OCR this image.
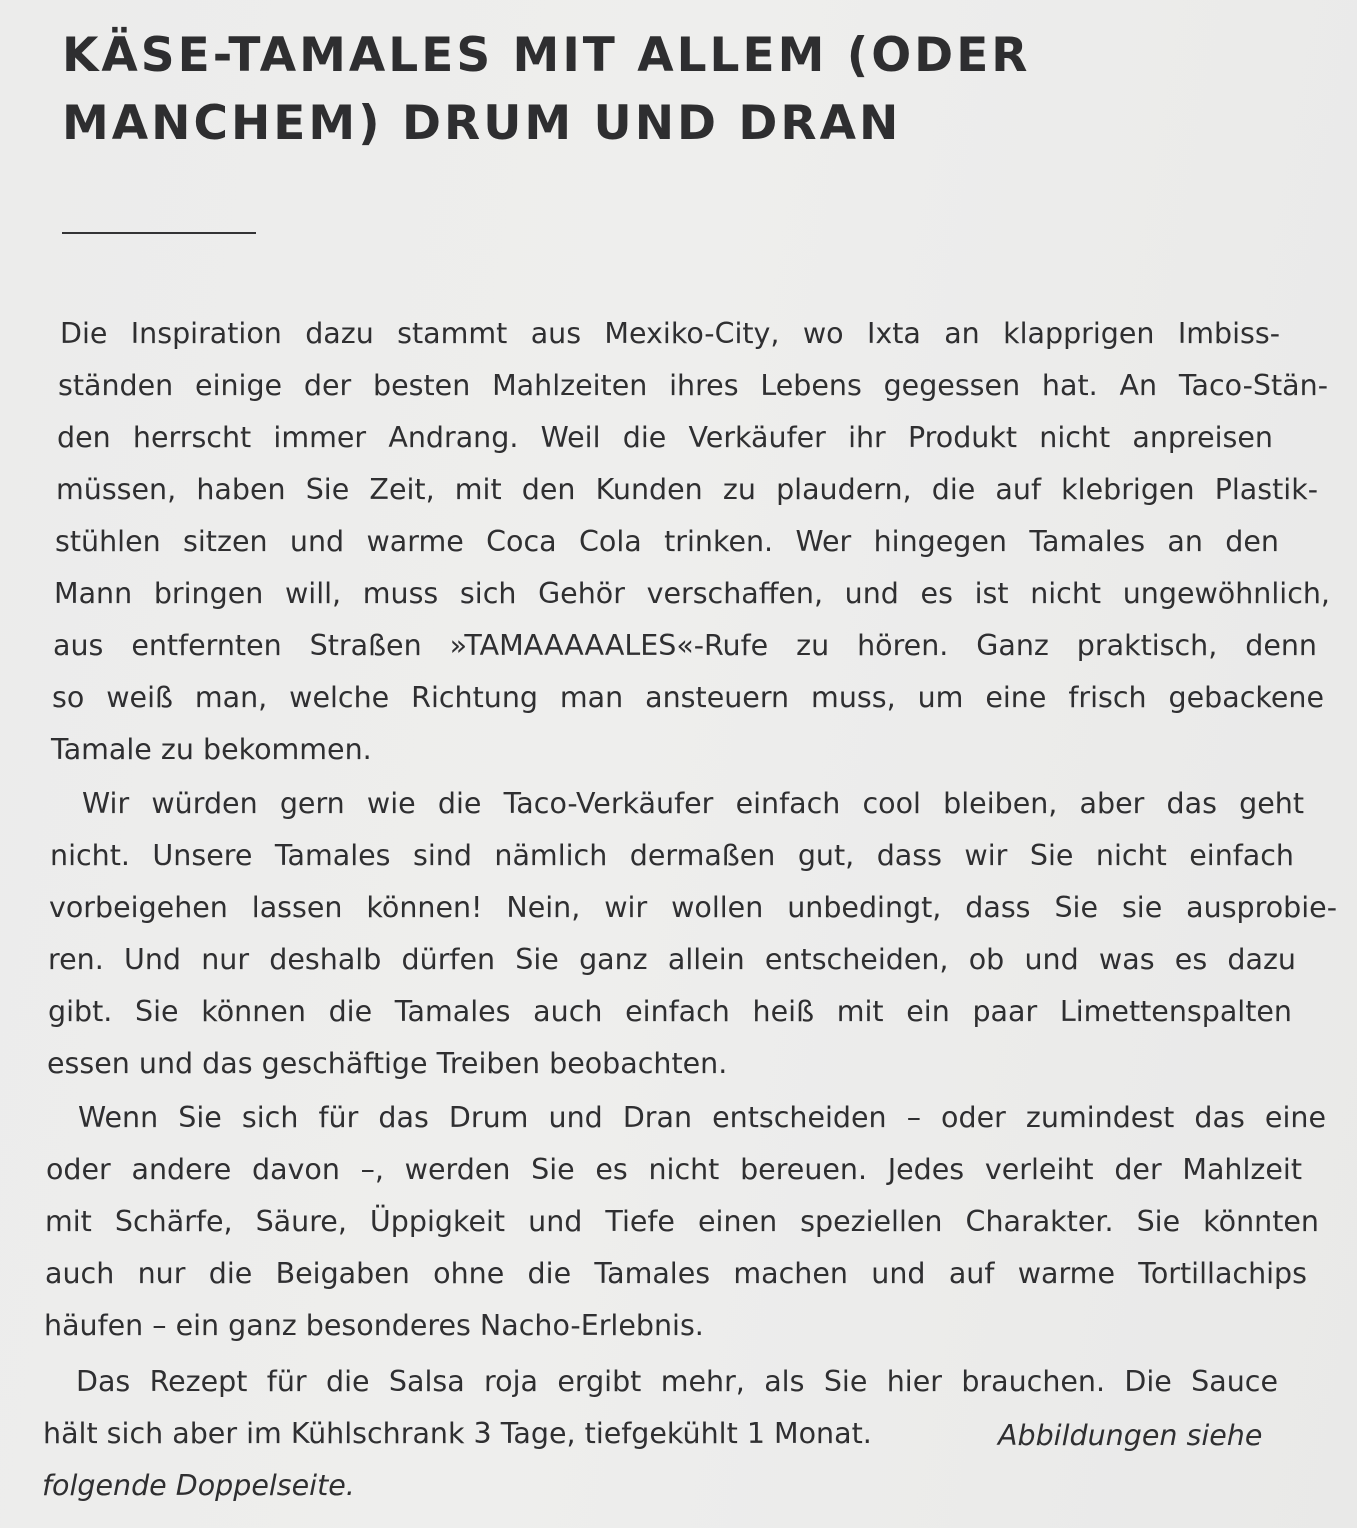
KÄSE-TAMALES MIT ALLEM (ODER
MANCHEM) DRUM UND DRAN
Die Inspiration dazu stammt aus Mexiko-City, wo Ixta an klapprigen Imbiss-
ständen einige der besten Mahlzeiten ihres Lebens gegessen hat. An Taco-Stän-
den herrscht immer Andrang. Weil die Verkäufer ihr Produkt nicht anpreisen
müssen, haben Sie Zeit, mit den Kunden zu plaudern, die auf klebrigen Plastik-
stühlen sitzen und warme Coca Cola trinken. Wer hingegen Tamales an den
Mann bringen will, muss sich Gehör verschaffen, und es ist nicht ungewöhnlich,
aus entfernten Straßen »TAMAAAAALES«-Rufe zu hören. Ganz praktisch, denn
so weiß man, welche Richtung man ansteuern muss, um eine frisch gebackene
Tamale zu bekommen.
Wir würden gern wie die Taco-Verkäufer einfach cool bleiben, aber das geht
nicht. Unsere Tamales sind nämlich dermaßen gut, dass wir Sie nicht einfach
vorbeigehen lassen können! Nein, wir wollen unbedingt, dass Sie sie ausprobie-
ren. Und nur deshalb dürfen Sie ganz allein entscheiden, ob und was es dazu
gibt. Sie können die Tamales auch einfach heiß mit ein paar Limettenspalten
essen und das geschäftige Treiben beobachten.
Wenn Sie sich für das Drum und Dran entscheiden – oder zumindest das eine
oder andere davon –, werden Sie es nicht bereuen. Jedes verleiht der Mahlzeit
mit Schärfe, Säure, Üppigkeit und Tiefe einen speziellen Charakter. Sie könnten
auch nur die Beigaben ohne die Tamales machen und auf warme Tortillachips
häufen – ein ganz besonderes Nacho-Erlebnis.
Das Rezept für die Salsa roja ergibt mehr, als Sie hier brauchen. Die Sauce
hält sich aber im Kühlschrank 3 Tage, tiefgekühlt 1 Monat.	Abbildungen siehe
folgende Doppelseite.
